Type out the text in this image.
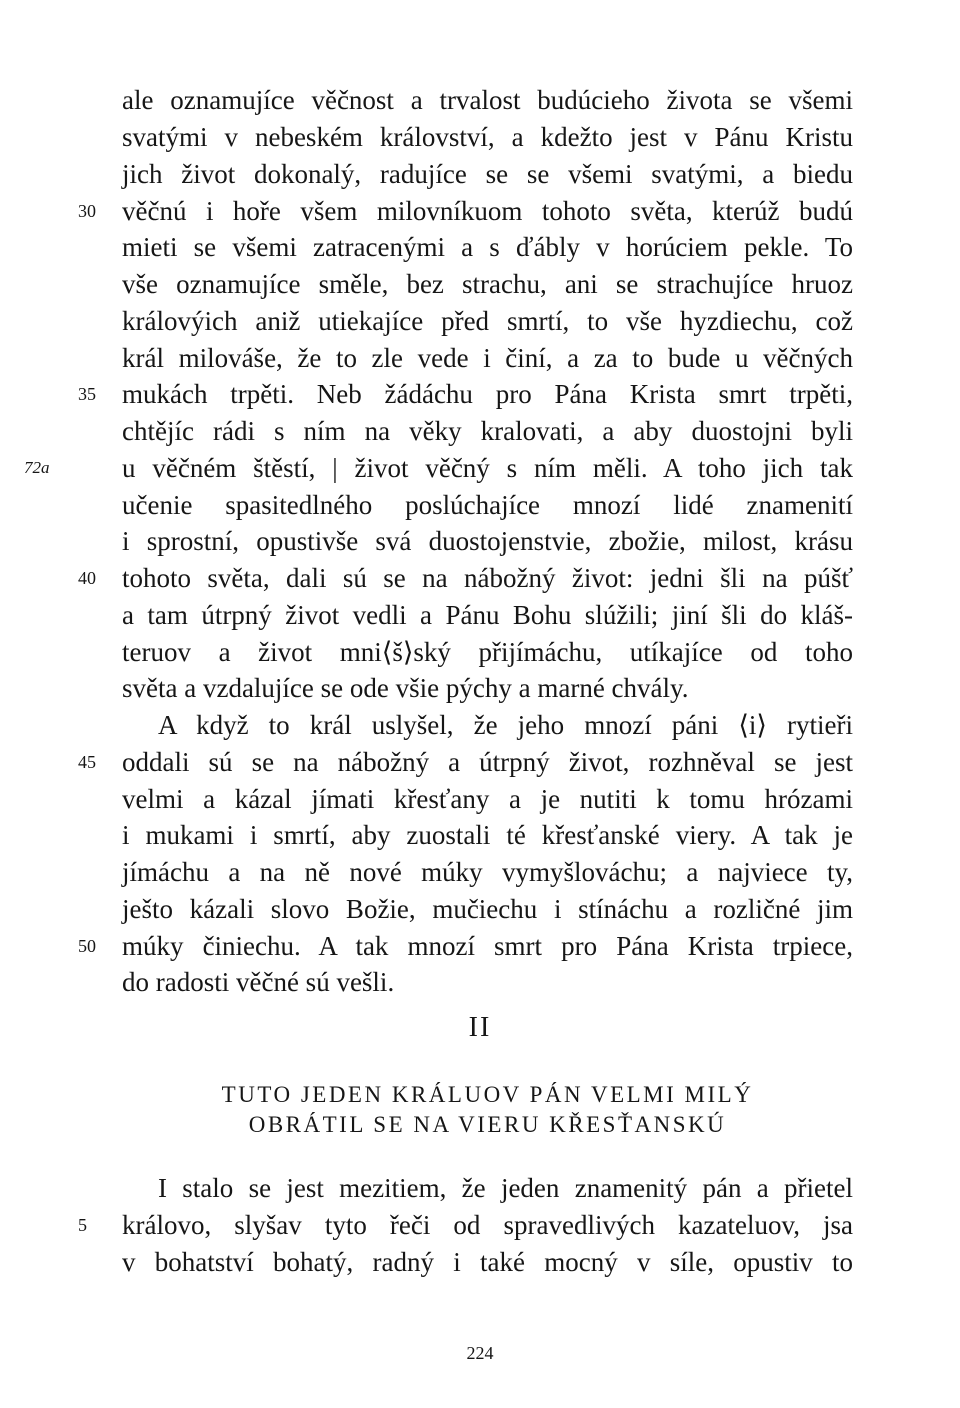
ale oznamujíce věčnost a trvalost budúcieho života se všemi
svatými v nebeském království, a kdežto jest v Pánu Kristu
jich život dokonalý, radujíce se se všemi svatými, a biedu
věčnú i hoře všem milovníkuom tohoto světa, kterúž budú
mieti se všemi zatracenými a s ďábly v horúciem pekle. To
vše oznamujíce směle, bez strachu, ani se strachujíce hruoz
královýich aniž utiekajíce před smrtí, to vše hyzdiechu, což
král milováše, že to zle vede i činí, a za to bude u věčných
mukách trpěti. Neb žádáchu pro Pána Krista smrt trpěti,
chtějíc rádi s ním na věky kralovati, a aby duostojni byli
u věčném štěstí, | život věčný s ním měli. A toho jich tak
učenie spasitedlného poslúchajíce mnozí lidé znamenití
i sprostní, opustivše svá duostojenstvie, zbožie, milost, krásu
tohoto světa, dali sú se na nábožný život: jedni šli na púšť
a tam útrpný život vedli a Pánu Bohu slúžili; jiní šli do kláš-
teruov a život mni⟨š⟩ský přijímáchu, utíkajíce od toho
světa a vzdalujíce se ode všie pýchy a marné chvály.
A když to král uslyšel, že jeho mnozí páni ⟨i⟩ rytieři
oddali sú se na nábožný a útrpný život, rozhněval se jest
velmi a kázal jímati křesťany a je nutiti k tomu hrózami
i mukami i smrtí, aby zuostali té křesťanské viery. A tak je
jímáchu a na ně nové múky vymyšlováchu; a najviece ty,
ješto kázali slovo Božie, mučiechu i stínáchu a rozličné jim
múky činiechu. A tak mnozí smrt pro Pána Krista trpiece,
do radosti věčné sú vešli.
30
35
40
45
50
72a
II
TUTO JEDEN KRÁLUOV PÁN VELMI MILÝ
OBRÁTIL SE NA VIERU KŘESŤANSKÚ
I stalo se jest mezitiem, že jeden znamenitý pán a přietel
královo, slyšav tyto řeči od spravedlivých kazateluov, jsa
v bohatství bohatý, radný i také mocný v síle, opustiv to
5
224
